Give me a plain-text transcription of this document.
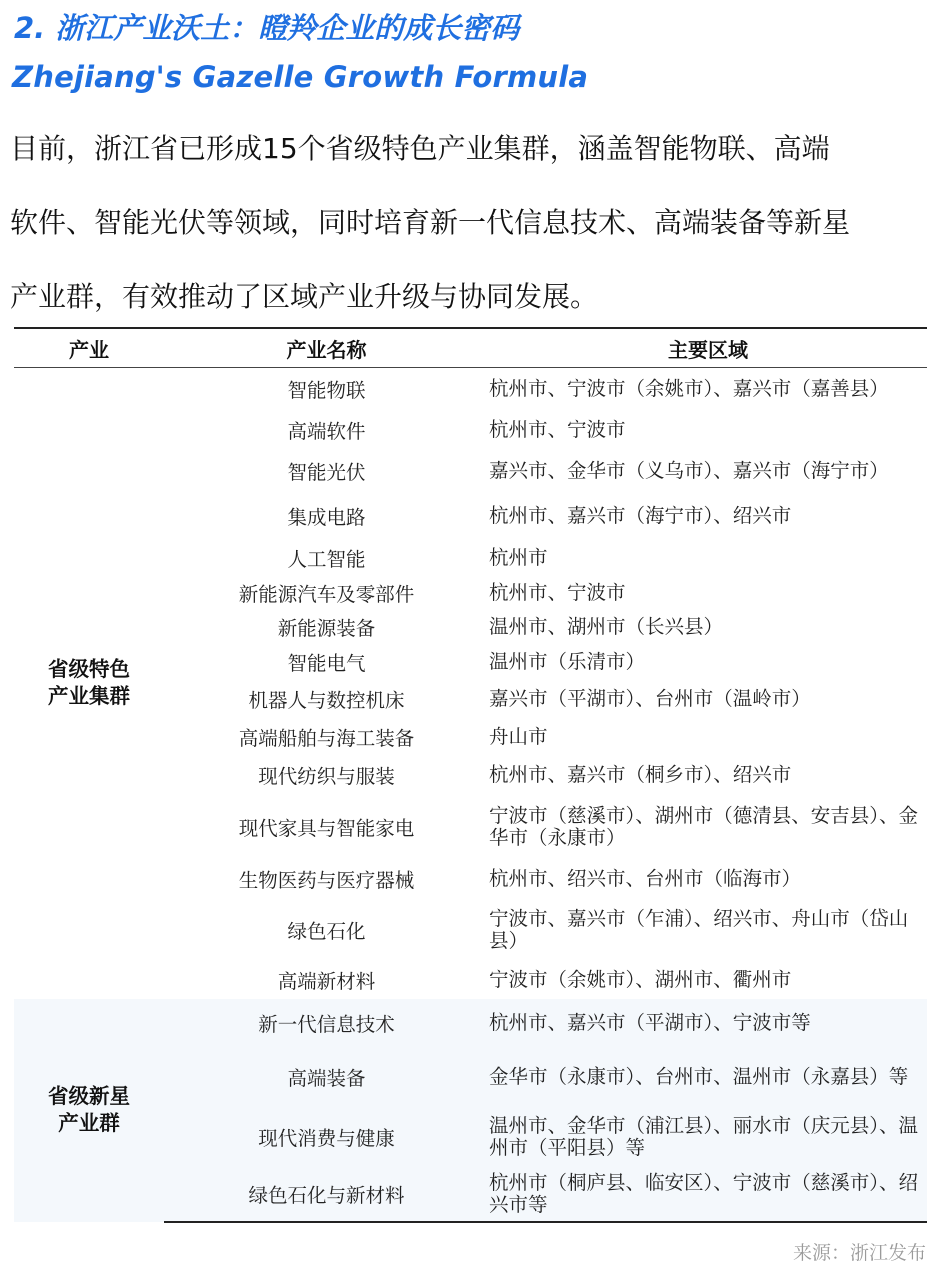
2. 浙江产业沃土：瞪羚企业的成长密码
Zhejiang's Gazelle Growth Formula
目前，浙江省已形成15个省级特色产业集群，涵盖智能物联、高端
软件、智能光伏等领域，同时培育新一代信息技术、高端装备等新星
产业群，有效推动了区域产业升级与协同发展。
产业	产业名称	主要区域

省级特色
产业集群	智能物联	杭州市、宁波市（余姚市）、嘉兴市（嘉善县）
	高端软件	杭州市、宁波市
	智能光伏	嘉兴市、金华市（义乌市）、嘉兴市（海宁市）
	集成电路	杭州市、嘉兴市（海宁市）、绍兴市
	人工智能	杭州市
	新能源汽车及零部件	杭州市、宁波市
	新能源装备	温州市、湖州市（长兴县）
	智能电气	温州市（乐清市）
	机器人与数控机床	嘉兴市（平湖市）、台州市（温岭市）
	高端船舶与海工装备	舟山市
	现代纺织与服装	杭州市、嘉兴市（桐乡市）、绍兴市
	现代家具与智能家电	宁波市（慈溪市）、湖州市（德清县、安吉县）、金华市（永康市）
	生物医药与医疗器械	杭州市、绍兴市、台州市（临海市）
	绿色石化	宁波市、嘉兴市（乍浦）、绍兴市、舟山市（岱山县）
	高端新材料	宁波市（余姚市）、湖州市、衢州市

省级新星
产业群	新一代信息技术	杭州市、嘉兴市（平湖市）、宁波市等
	高端装备	金华市（永康市）、台州市、温州市（永嘉县）等
	现代消费与健康	温州市、金华市（浦江县）、丽水市（庆元县）、温州市（平阳县）等
	绿色石化与新材料	杭州市（桐庐县、临安区）、宁波市（慈溪市）、绍兴市等
来源：浙江发布
